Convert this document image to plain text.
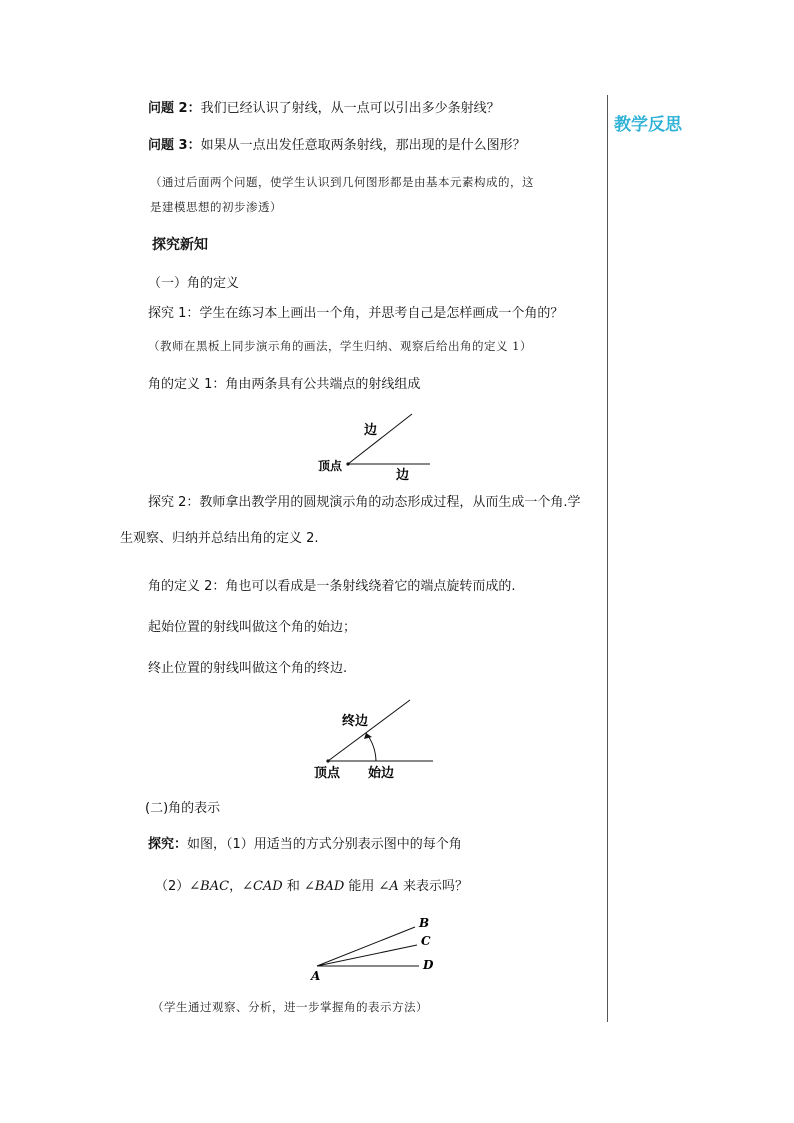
教学反思
问题 2：我们已经认识了射线，从一点可以引出多少条射线？
问题 3：如果从一点出发任意取两条射线，那出现的是什么图形？
（通过后面两个问题，使学生认识到几何图形都是由基本元素构成的，这
是建模思想的初步渗透）
探究新知
（一）角的定义
探究 1：学生在练习本上画出一个角，并思考自己是怎样画成一个角的？
（教师在黑板上同步演示角的画法，学生归纳、观察后给出角的定义 1）
角的定义 1：角由两条具有公共端点的射线组成
边
边
顶点
探究 2：教师拿出教学用的圆规演示角的动态形成过程，从而生成一个角.学
生观察、归纳并总结出角的定义 2.
角的定义 2：角也可以看成是一条射线绕着它的端点旋转而成的.
起始位置的射线叫做这个角的始边；
终止位置的射线叫做这个角的终边.
终边
始边
顶点
(二)角的表示
探究：如图，（1）用适当的方式分别表示图中的每个角
（2）∠BAC，∠CAD 和 ∠BAD 能用 ∠A 来表示吗？
A
B
C
D
（学生通过观察、分析，进一步掌握角的表示方法）
